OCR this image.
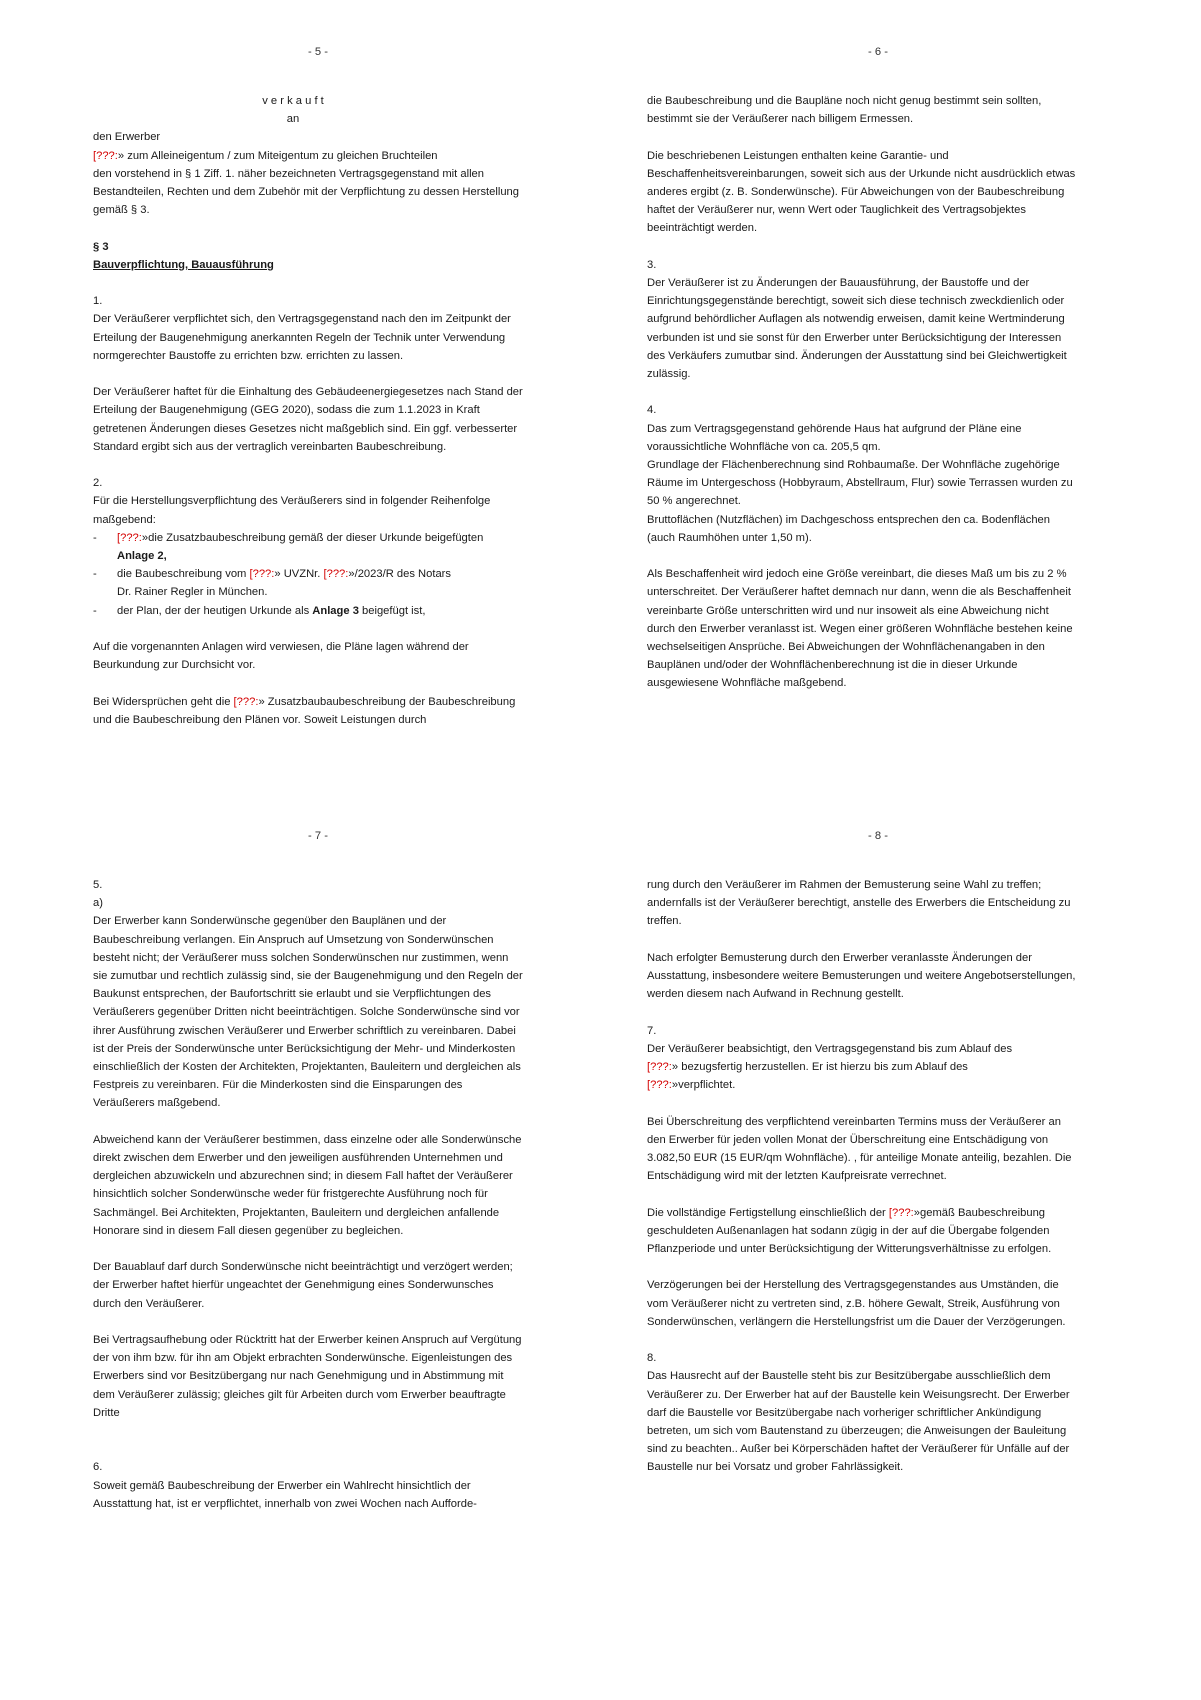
- 5 -	- 6 -
- 7 -	- 8 -
v e r k a u f t
an
den Erwerber
[???:» zum Alleineigentum / zum Miteigentum zu gleichen Bruchteilen

den vorstehend in § 1 Ziff. 1. näher bezeichneten Vertragsgegenstand mit allen Bestandteilen, Rechten und dem Zubehör mit der Verpflichtung zu dessen Herstellung gemäß § 3.

§ 3

Bauverpflichtung, Bauausführung

1.

Der Veräußerer verpflichtet sich, den Vertragsgegenstand nach den im Zeitpunkt der Erteilung der Baugenehmigung anerkannten Regeln der Technik unter Verwendung normgerechter Baustoffe zu errichten bzw. errichten zu lassen.

Der Veräußerer haftet für die Einhaltung des Gebäudeenergiegesetzes nach Stand der Erteilung der Baugenehmigung (GEG 2020), sodass die zum 1.1.2023 in Kraft getretenen Änderungen dieses Gesetzes nicht maßgeblich sind. Ein ggf. verbesserter Standard ergibt sich aus der vertraglich vereinbarten Baubeschreibung.

2.
Für die Herstellungsverpflichtung des Veräußerers sind in folgender Reihenfolge maßgebend:
-	[???:»die Zusatzbaubeschreibung gemäß der dieser Urkunde beigefügten
Anlage 2,
-	die Baubeschreibung vom [???:» UVZNr. [???:»/2023/R des Notars
Dr. Rainer Regler in München.
-	der Plan, der der heutigen Urkunde als Anlage 3 beigefügt ist,

Auf die vorgenannten Anlagen wird verwiesen, die Pläne lagen während der Beurkundung zur Durchsicht vor.

Bei Widersprüchen geht die [???:» Zusatzbaubaubeschreibung der Baubeschreibung und die Baubeschreibung den Plänen vor. Soweit Leistungen durch

die Baubeschreibung und die Baupläne noch nicht genug bestimmt sein sollten, bestimmt sie der Veräußerer nach billigem Ermessen.

Die beschriebenen Leistungen enthalten keine Garantie- und Beschaffenheitsvereinbarungen, soweit sich aus der Urkunde nicht ausdrücklich etwas anderes ergibt (z. B. Sonderwünsche). Für Abweichungen von der Baubeschreibung haftet der Veräußerer nur, wenn Wert oder Tauglichkeit des Vertragsobjektes beeinträchtigt werden.

3.

Der Veräußerer ist zu Änderungen der Bauausführung, der Baustoffe und der Einrichtungsgegenstände berechtigt, soweit sich diese technisch zweckdienlich oder aufgrund behördlicher Auflagen als notwendig erweisen, damit keine Wertminderung verbunden ist und sie sonst für den Erwerber unter Berücksichtigung der Interessen des Verkäufers zumutbar sind. Änderungen der Ausstattung sind bei Gleichwertigkeit zulässig.

4.
Das zum Vertragsgegenstand gehörende Haus hat aufgrund der Pläne eine voraussichtliche Wohnfläche von ca. 205,5 qm.
Grundlage der Flächenberechnung sind Rohbaumaße. Der Wohnfläche zugehörige Räume im Untergeschoss (Hobbyraum, Abstellraum, Flur) sowie Terrassen wurden zu 50 % angerechnet.

Bruttoflächen (Nutzflächen) im Dachgeschoss entsprechen den ca. Bodenflächen (auch Raumhöhen unter 1,50 m).

Als Beschaffenheit wird jedoch eine Größe vereinbart, die dieses Maß um bis zu 2 % unterschreitet. Der Veräußerer haftet demnach nur dann, wenn die als Beschaffenheit vereinbarte Größe unterschritten wird und nur insoweit als eine Abweichung nicht durch den Erwerber veranlasst ist. Wegen einer größeren Wohnfläche bestehen keine wechselseitigen Ansprüche. Bei Abweichungen der Wohnflächenangaben in den Bauplänen und/oder der Wohnflächenberechnung ist die in dieser Urkunde ausgewiesene Wohnfläche maßgebend.

5.
a)

Der Erwerber kann Sonderwünsche gegenüber den Bauplänen und der Baubeschreibung verlangen. Ein Anspruch auf Umsetzung von Sonderwünschen besteht nicht; der Veräußerer muss solchen Sonderwünschen nur zustimmen, wenn sie zumutbar und rechtlich zulässig sind, sie der Baugenehmigung und den Regeln der Baukunst entsprechen, der Baufortschritt sie erlaubt und sie Verpflichtungen des Veräußerers gegenüber Dritten nicht beeinträchtigen. Solche Sonderwünsche sind vor ihrer Ausführung zwischen Veräußerer und Erwerber schriftlich zu vereinbaren. Dabei ist der Preis der Sonderwünsche unter Berücksichtigung der Mehr- und Minderkosten einschließlich der Kosten der Architekten, Projektanten, Bauleitern und dergleichen als Festpreis zu vereinbaren. Für die Minderkosten sind die Einsparungen des Veräußerers maßgebend.

Abweichend kann der Veräußerer bestimmen, dass einzelne oder alle Sonderwünsche direkt zwischen dem Erwerber und den jeweiligen ausführenden Unternehmen und dergleichen abzuwickeln und abzurechnen sind; in diesem Fall haftet der Veräußerer hinsichtlich solcher Sonderwünsche weder für fristgerechte Ausführung noch für Sachmängel. Bei Architekten, Projektanten, Bauleitern und dergleichen anfallende Honorare sind in diesem Fall diesen gegenüber zu begleichen.

Der Bauablauf darf durch Sonderwünsche nicht beeinträchtigt und verzögert werden; der Erwerber haftet hierfür ungeachtet der Genehmigung eines Sonderwunsches durch den Veräußerer.

Bei Vertragsaufhebung oder Rücktritt hat der Erwerber keinen Anspruch auf Vergütung der von ihm bzw. für ihn am Objekt erbrachten Sonderwünsche. Eigenleistungen des Erwerbers sind vor Besitzübergang nur nach Genehmigung und in Abstimmung mit dem Veräußerer zulässig; gleiches gilt für Arbeiten durch vom Erwerber beauftragte Dritte

6.

Soweit gemäß Baubeschreibung der Erwerber ein Wahlrecht hinsichtlich der Ausstattung hat, ist er verpflichtet, innerhalb von zwei Wochen nach Aufforde-

rung durch den Veräußerer im Rahmen der Bemusterung seine Wahl zu treffen; andernfalls ist der Veräußerer berechtigt, anstelle des Erwerbers die Entscheidung zu treffen.

Nach erfolgter Bemusterung durch den Erwerber veranlasste Änderungen der Ausstattung, insbesondere weitere Bemusterungen und weitere Angebotserstellungen, werden diesem nach Aufwand in Rechnung gestellt.

7.
Der Veräußerer beabsichtigt, den Vertragsgegenstand bis zum Ablauf des
[???:» bezugsfertig herzustellen. Er ist hierzu bis zum Ablauf des

[???:»verpflichtet.

Bei Überschreitung des verpflichtend vereinbarten Termins muss der Veräußerer an den Erwerber für jeden vollen Monat der Überschreitung eine Entschädigung von 3.082,50 EUR (15 EUR/qm Wohnfläche). , für anteilige Monate anteilig, bezahlen. Die Entschädigung wird mit der letzten Kaufpreisrate verrechnet.

Die vollständige Fertigstellung einschließlich der [???:»gemäß Baubeschreibung geschuldeten Außenanlagen hat sodann zügig in der auf die Übergabe folgenden Pflanzperiode und unter Berücksichtigung der Witterungsverhältnisse zu erfolgen.

Verzögerungen bei der Herstellung des Vertragsgegenstandes aus Umständen, die vom Veräußerer nicht zu vertreten sind, z.B. höhere Gewalt, Streik, Ausführung von Sonderwünschen, verlängern die Herstellungsfrist um die Dauer der Verzögerungen.

8.

Das Hausrecht auf der Baustelle steht bis zur Besitzübergabe ausschließlich dem Veräußerer zu. Der Erwerber hat auf der Baustelle kein Weisungsrecht. Der Erwerber darf die Baustelle vor Besitzübergabe nach vorheriger schriftlicher Ankündigung betreten, um sich vom Bautenstand zu überzeugen; die Anweisungen der Bauleitung sind zu beachten.. Außer bei Körperschäden haftet der Veräußerer für Unfälle auf der Baustelle nur bei Vorsatz und grober Fahrlässigkeit.
